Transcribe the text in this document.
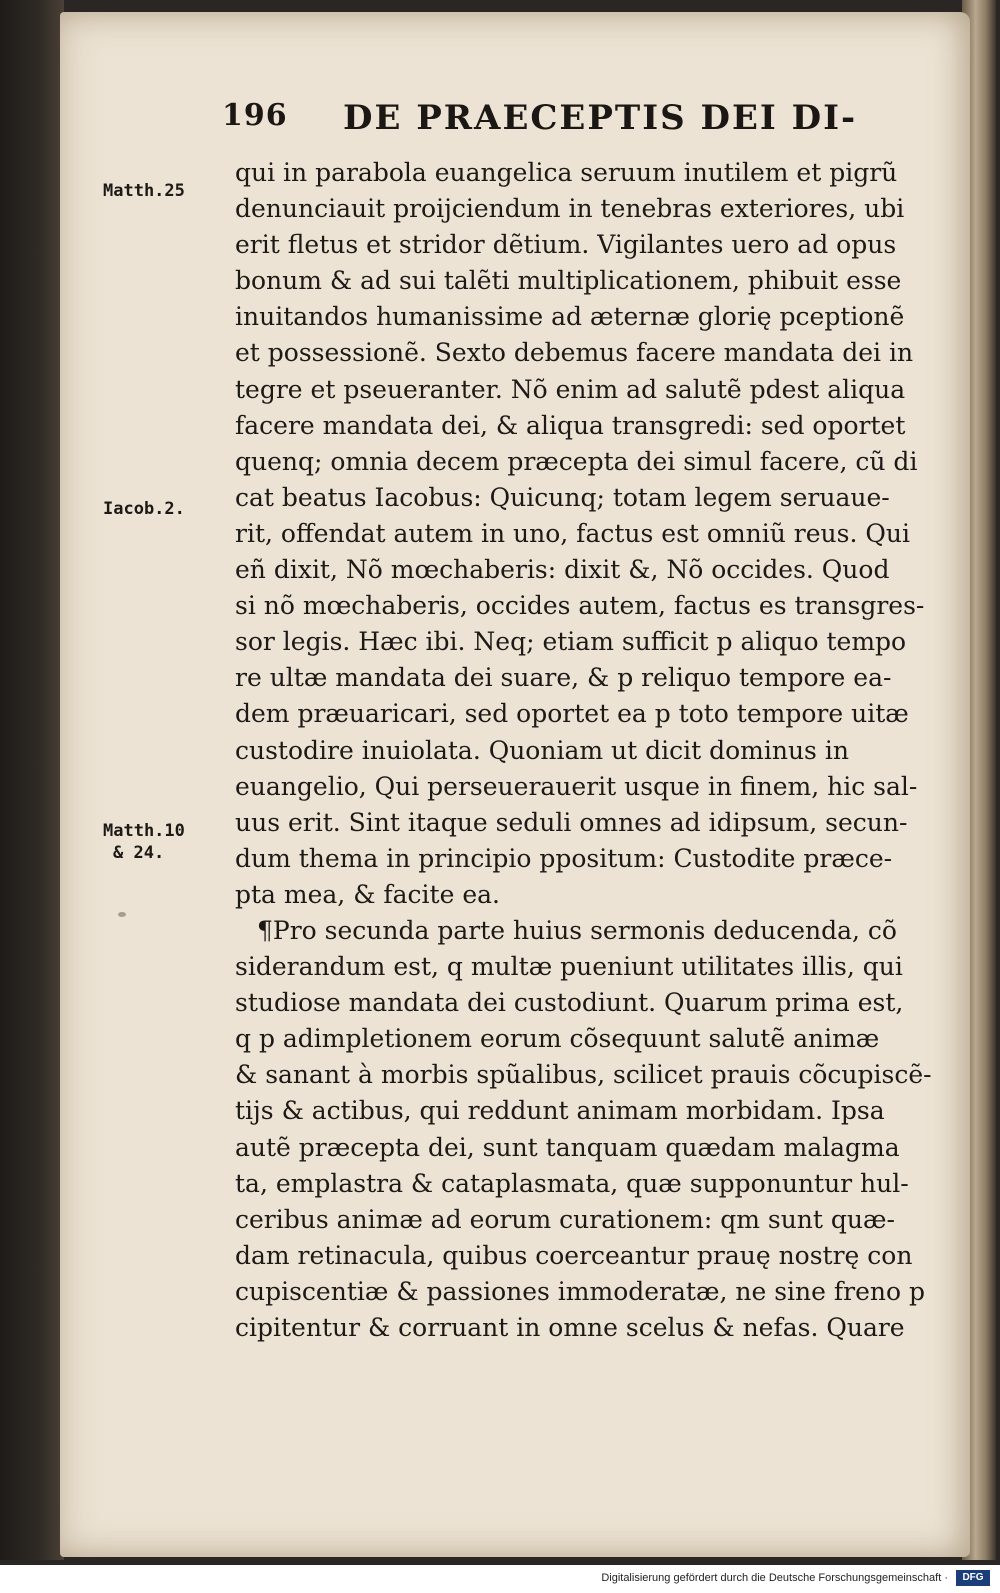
196 DE PRAECEPTIS DEI DI-
Matth.25
Iacob.2.
Matth.10
& 24.
qui in parabola euangelica seruum inutilem et pigrũ
denunciauit proijciendum in tenebras exteriores, ubi
erit fletus et stridor dẽtium. Vigilantes uero ad opus
bonum & ad sui talẽti multiplicationem, phibuit esse
inuitandos humanissime ad æternæ glorię pceptionẽ
et possessionẽ. Sexto debemus facere mandata dei in
tegre et pseueranter. Nõ enim ad salutẽ pdest aliqua
facere mandata dei, & aliqua transgredi: sed oportet
quenq; omnia decem præcepta dei simul facere, cũ di
cat beatus Iacobus: Quicunq; totam legem seruaue-
rit, offendat autem in uno, factus est omniũ reus. Qui
eñ dixit, Nõ mœchaberis: dixit &, Nõ occides. Quod
si nõ mœchaberis, occides autem, factus es transgres-
sor legis. Hæc ibi. Neq; etiam sufficit p aliquo tempo
re ultæ mandata dei suare, & p reliquo tempore ea-
dem præuaricari, sed oportet ea p toto tempore uitæ
custodire inuiolata. Quoniam ut dicit dominus in
euangelio, Qui perseuerauerit usque in finem, hic sal-
uus erit. Sint itaque seduli omnes ad idipsum, secun-
dum thema in principio ppositum: Custodite præce-
pta mea, & facite ea.
¶Pro secunda parte huius sermonis deducenda, cõ
siderandum est, q multæ pueniunt utilitates illis, qui
studiose mandata dei custodiunt. Quarum prima est,
q p adimpletionem eorum cõsequunt salutẽ animæ
& sanant à morbis spũalibus, scilicet prauis cõcupiscẽ-
tijs & actibus, qui reddunt animam morbidam. Ipsa
autẽ præcepta dei, sunt tanquam quædam malagma
ta, emplastra & cataplasmata, quæ supponuntur hul-
ceribus animæ ad eorum curationem: qm sunt quæ-
dam retinacula, quibus coerceantur prauę nostrę con
cupiscentiæ & passiones immoderatæ, ne sine freno p
cipitentur & corruant in omne scelus & nefas. Quare
Digitalisierung gefördert durch die Deutsche Forschungsgemeinschaft ·	DFG
